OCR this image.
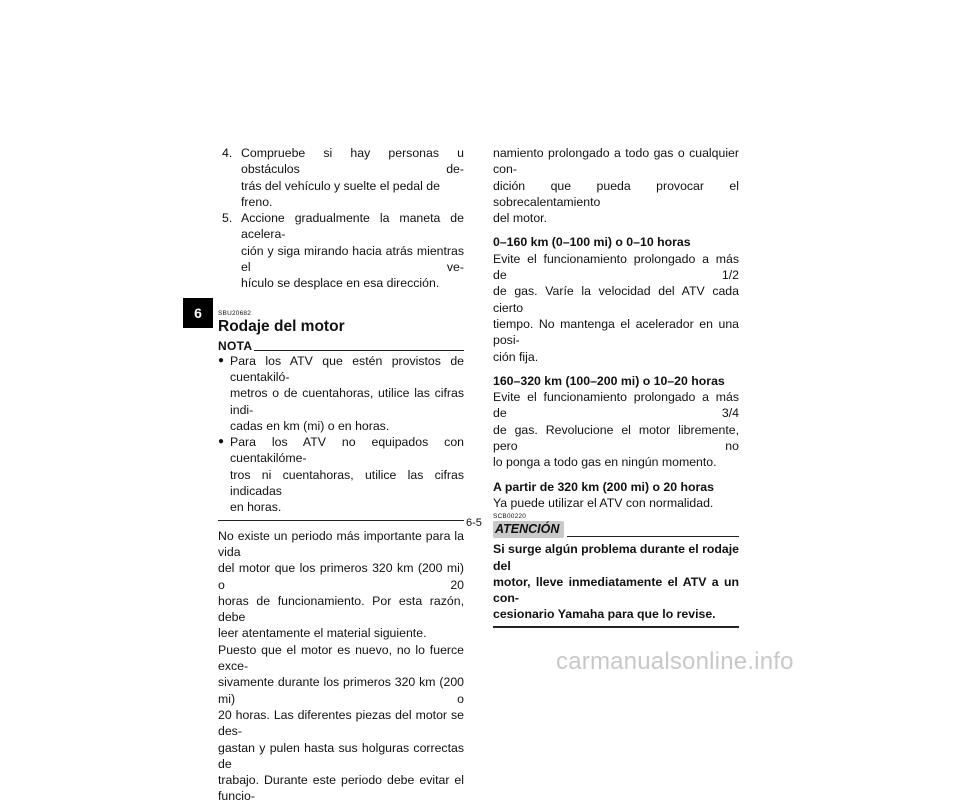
6
4. Compruebe si hay personas u obstáculos de-
trás del vehículo y suelte el pedal de freno.
5. Accione gradualmente la maneta de acelera-
ción y siga mirando hacia atrás mientras el ve-
hículo se desplace en esa dirección.
SBU20682
Rodaje del motor
NOTA
● Para los ATV que estén provistos de cuentakiló-
metros o de cuentahoras, utilice las cifras indi-
cadas en km (mi) o en horas.
● Para los ATV no equipados con cuentakilóme-
tros ni cuentahoras, utilice las cifras indicadas
en horas.
No existe un periodo más importante para la vida
del motor que los primeros 320 km (200 mi) o 20
horas de funcionamiento. Por esta razón, debe
leer atentamente el material siguiente.
Puesto que el motor es nuevo, no lo fuerce exce-
sivamente durante los primeros 320 km (200 mi) o
20 horas. Las diferentes piezas del motor se des-
gastan y pulen hasta sus holguras correctas de
trabajo. Durante este periodo debe evitar el funcio-
namiento prolongado a todo gas o cualquier con-
dición que pueda provocar el sobrecalentamiento
del motor.
0–160 km (0–100 mi) o 0–10 horas
Evite el funcionamiento prolongado a más de 1/2
de gas. Varíe la velocidad del ATV cada cierto
tiempo. No mantenga el acelerador en una posi-
ción fija.
160–320 km (100–200 mi) o 10–20 horas
Evite el funcionamiento prolongado a más de 3/4
de gas. Revolucione el motor libremente, pero no
lo ponga a todo gas en ningún momento.
A partir de 320 km (200 mi) o 20 horas
Ya puede utilizar el ATV con normalidad.
SCB00220
ATENCIÓN
Si surge algún problema durante el rodaje del
motor, lleve inmediatamente el ATV a un con-
cesionario Yamaha para que lo revise.
6-5
carmanualsonline.info
